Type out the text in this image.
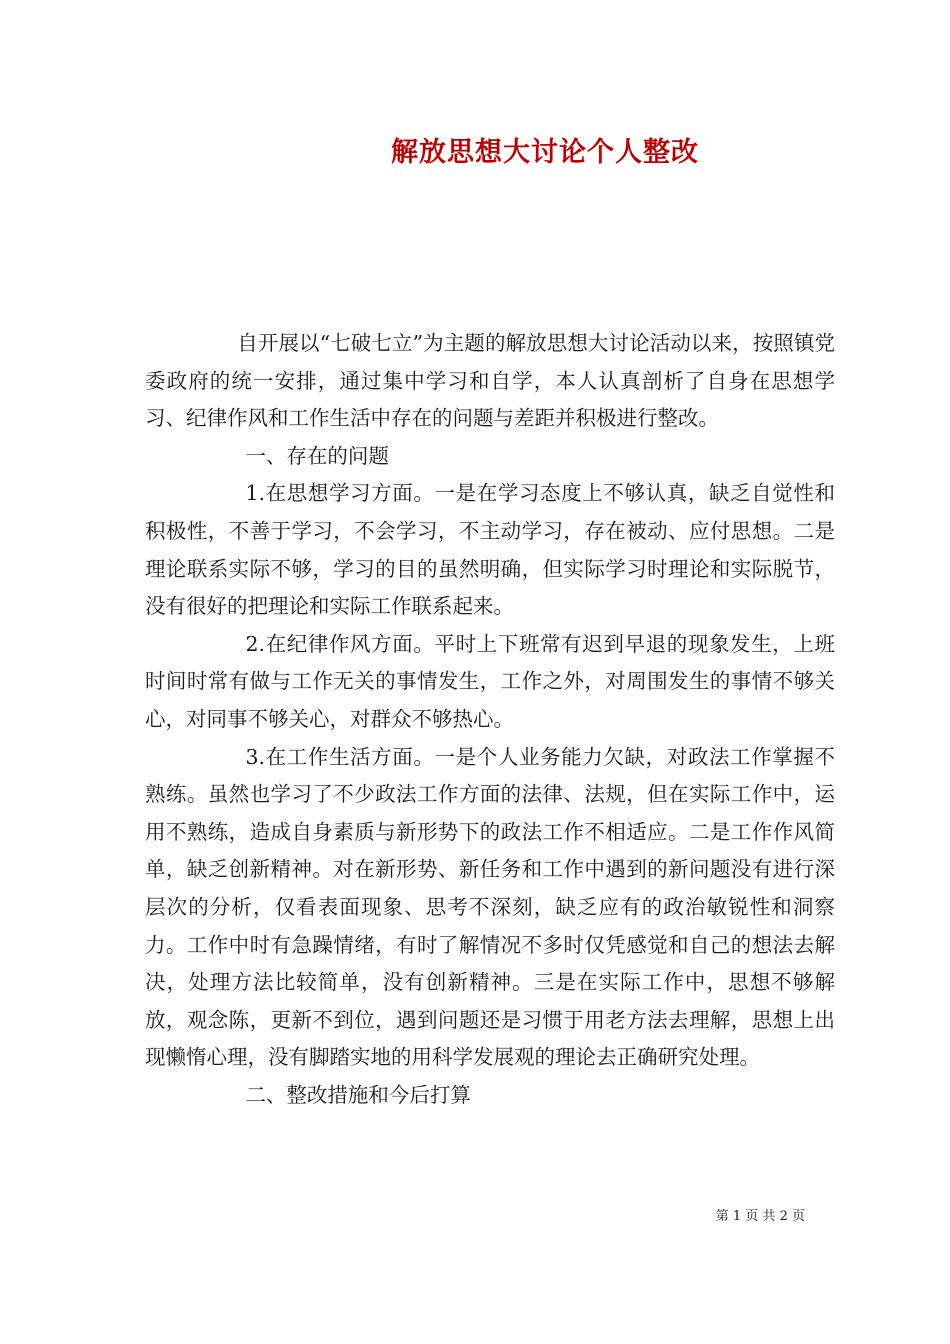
解放思想大讨论个人整改

自开展以“七破七立”为主题的解放思想大讨论活动以来，按照镇党委政府的统一安排，通过集中学习和自学，本人认真剖析了自身在思想学习、纪律作风和工作生活中存在的问题与差距并积极进行整改。

一、存在的问题

1.在思想学习方面。一是在学习态度上不够认真，缺乏自觉性和积极性，不善于学习，不会学习，不主动学习，存在被动、应付思想。二是理论联系实际不够，学习的目的虽然明确，但实际学习时理论和实际脱节，没有很好的把理论和实际工作联系起来。

2.在纪律作风方面。平时上下班常有迟到早退的现象发生，上班时间时常有做与工作无关的事情发生，工作之外，对周围发生的事情不够关心，对同事不够关心，对群众不够热心。

3.在工作生活方面。一是个人业务能力欠缺，对政法工作掌握不熟练。虽然也学习了不少政法工作方面的法律、法规，但在实际工作中，运用不熟练，造成自身素质与新形势下的政法工作不相适应。二是工作作风简单，缺乏创新精神。对在新形势、新任务和工作中遇到的新问题没有进行深层次的分析，仅看表面现象、思考不深刻，缺乏应有的政治敏锐性和洞察力。工作中时有急躁情绪，有时了解情况不多时仅凭感觉和自己的想法去解决，处理方法比较简单，没有创新精神。三是在实际工作中，思想不够解放，观念陈，更新不到位，遇到问题还是习惯于用老方法去理解，思想上出现懒惰心理，没有脚踏实地的用科学发展观的理论去正确研究处理。

二、整改措施和今后打算

第 1 页 共 2 页
